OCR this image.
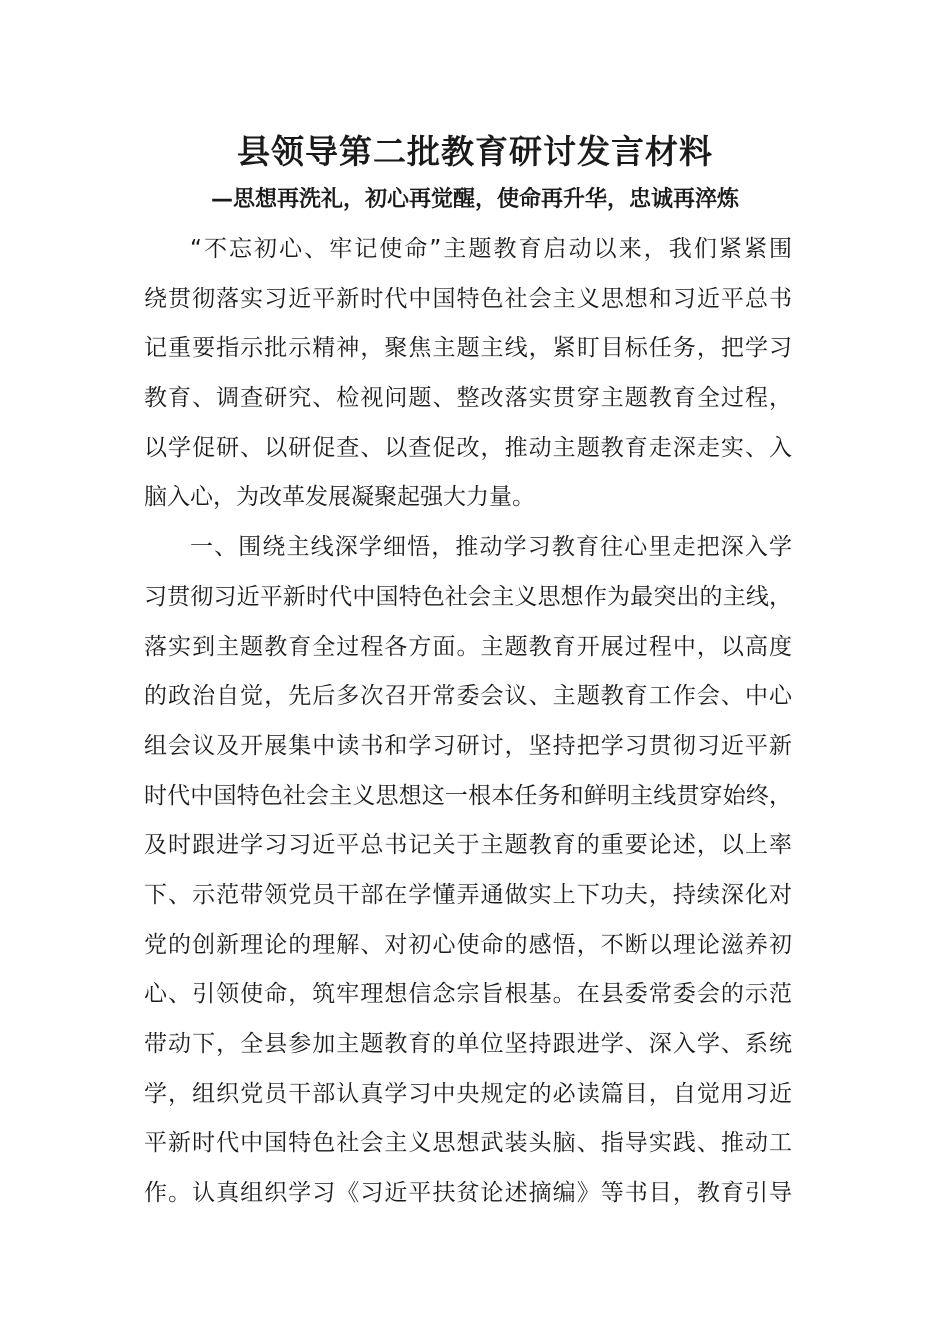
县领导第二批教育研讨发言材料
—思想再洗礼，初心再觉醒，使命再升华，忠诚再淬炼
“不忘初心、牢记使命”主题教育启动以来，我们紧紧围
绕贯彻落实习近平新时代中国特色社会主义思想和习近平总书
记重要指示批示精神，聚焦主题主线，紧盯目标任务，把学习
教育、调查研究、检视问题、整改落实贯穿主题教育全过程，
以学促研、以研促查、以查促改，推动主题教育走深走实、入
脑入心，为改革发展凝聚起强大力量。
一、围绕主线深学细悟，推动学习教育往心里走把深入学
习贯彻习近平新时代中国特色社会主义思想作为最突出的主线，
落实到主题教育全过程各方面。主题教育开展过程中，以高度
的政治自觉，先后多次召开常委会议、主题教育工作会、中心
组会议及开展集中读书和学习研讨，坚持把学习贯彻习近平新
时代中国特色社会主义思想这一根本任务和鲜明主线贯穿始终，
及时跟进学习习近平总书记关于主题教育的重要论述，以上率
下、示范带领党员干部在学懂弄通做实上下功夫，持续深化对
党的创新理论的理解、对初心使命的感悟，不断以理论滋养初
心、引领使命，筑牢理想信念宗旨根基。在县委常委会的示范
带动下，全县参加主题教育的单位坚持跟进学、深入学、系统
学，组织党员干部认真学习中央规定的必读篇目，自觉用习近
平新时代中国特色社会主义思想武装头脑、指导实践、推动工
作。认真组织学习《习近平扶贫论述摘编》等书目，教育引导
